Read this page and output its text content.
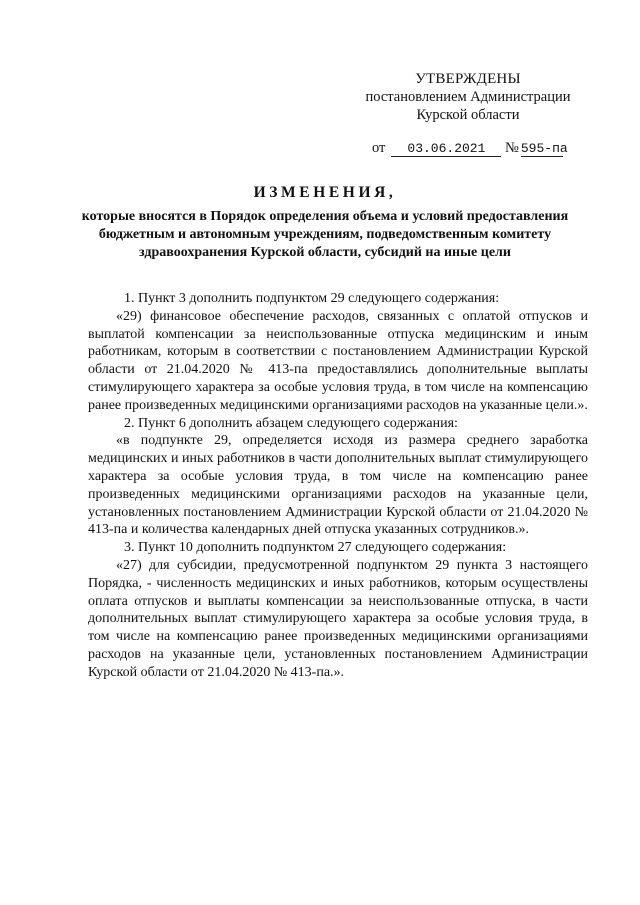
УТВЕРЖДЕНЫ
постановлением Администрации
Курской области
от 03.06.2021 № 595-па
ИЗМЕНЕНИЯ,
которые вносятся в Порядок определения объема и условий предоставления бюджетным и автономным учреждениям, подведомственным комитету здравоохранения Курской области, субсидий на иные цели

1. Пункт 3 дополнить подпунктом 29 следующего содержания:

«29) финансовое обеспечение расходов, связанных с оплатой отпусков и выплатой компенсации за неиспользованные отпуска медицинским и иным работникам, которым в соответствии с постановлением Администрации Курской области от 21.04.2020 № 413-па предоставлялись дополнительные выплаты стимулирующего характера за особые условия труда, в том числе на компенсацию ранее произведенных медицинскими организациями расходов на указанные цели.».

2. Пункт 6 дополнить абзацем следующего содержания:

«в подпункте 29, определяется исходя из размера среднего заработка медицинских и иных работников в части дополнительных выплат стимулирующего характера за особые условия труда, в том числе на компенсацию ранее произведенных медицинскими организациями расходов на указанные цели, установленных постановлением Администрации Курской области от 21.04.2020 № 413-па и количества календарных дней отпуска указанных сотрудников.».

3. Пункт 10 дополнить подпунктом 27 следующего содержания:

«27) для субсидии, предусмотренной подпунктом 29 пункта 3 настоящего Порядка, - численность медицинских и иных работников, которым осуществлены оплата отпусков и выплаты компенсации за неиспользованные отпуска, в части дополнительных выплат стимулирующего характера за особые условия труда, в том числе на компенсацию ранее произведенных медицинскими организациями расходов на указанные цели, установленных постановлением Администрации Курской области от 21.04.2020 № 413-па.».
